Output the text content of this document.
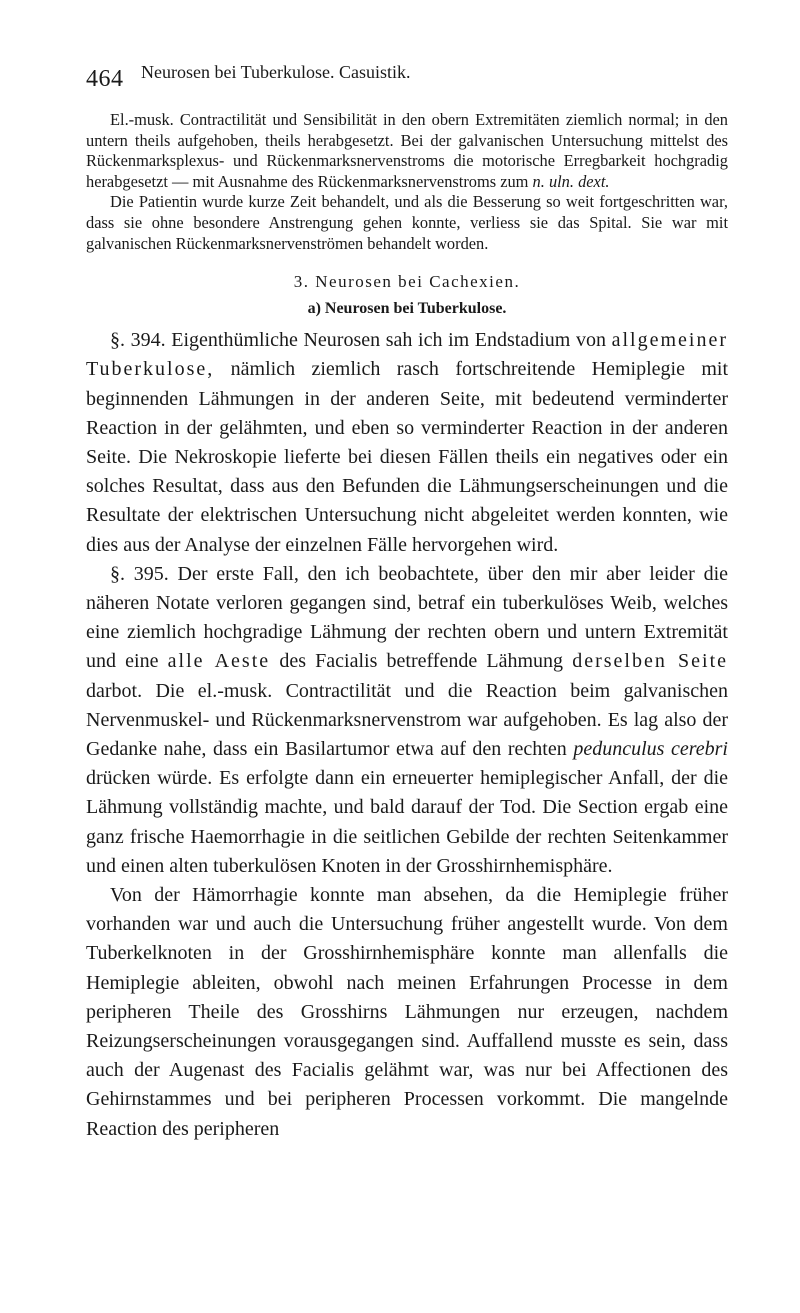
464 Neurosen bei Tuberkulose. Casuistik.

El.-musk. Contractilität und Sensibilität in den obern Extremitäten ziemlich normal; in den untern theils aufgehoben, theils herabgesetzt. Bei der galvanischen Untersuchung mittelst des Rückenmarksplexus- und Rückenmarksnervenstroms die motorische Erregbarkeit hochgradig herabgesetzt — mit Ausnahme des Rückenmarksnervenstroms zum n. uln. dext.

Die Patientin wurde kurze Zeit behandelt, und als die Besserung so weit fortgeschritten war, dass sie ohne besondere Anstrengung gehen konnte, verliess sie das Spital. Sie war mit galvanischen Rückenmarksnervenströmen behandelt worden.

3. Neurosen bei Cachexien.
a) Neurosen bei Tuberkulose.

§. 394. Eigenthümliche Neurosen sah ich im Endstadium von allgemeiner Tuberkulose, nämlich ziemlich rasch fortschreitende Hemiplegie mit beginnenden Lähmungen in der anderen Seite, mit bedeutend verminderter Reaction in der gelähmten, und eben so verminderter Reaction in der anderen Seite. Die Nekroskopie lieferte bei diesen Fällen theils ein negatives oder ein solches Resultat, dass aus den Befunden die Lähmungserscheinungen und die Resultate der elektrischen Untersuchung nicht abgeleitet werden konnten, wie dies aus der Analyse der einzelnen Fälle hervorgehen wird.

§. 395. Der erste Fall, den ich beobachtete, über den mir aber leider die näheren Notate verloren gegangen sind, betraf ein tuberkulöses Weib, welches eine ziemlich hochgradige Lähmung der rechten obern und untern Extremität und eine alle Aeste des Facialis betreffende Lähmung derselben Seite darbot. Die el.-musk. Contractilität und die Reaction beim galvanischen Nervenmuskel- und Rückenmarksnervenstrom war aufgehoben. Es lag also der Gedanke nahe, dass ein Basilartumor etwa auf den rechten pedunculus cerebri drücken würde. Es erfolgte dann ein erneuerter hemiplegischer Anfall, der die Lähmung vollständig machte, und bald darauf der Tod. Die Section ergab eine ganz frische Haemorrhagie in die seitlichen Gebilde der rechten Seitenkammer und einen alten tuberkulösen Knoten in der Grosshirnhemisphäre.

Von der Hämorrhagie konnte man absehen, da die Hemiplegie früher vorhanden war und auch die Untersuchung früher angestellt wurde. Von dem Tuberkelknoten in der Grosshirnhemisphäre konnte man allenfalls die Hemiplegie ableiten, obwohl nach meinen Erfahrungen Processe in dem peripheren Theile des Grosshirns Lähmungen nur erzeugen, nachdem Reizungserscheinungen vorausgegangen sind. Auffallend musste es sein, dass auch der Augenast des Facialis gelähmt war, was nur bei Affectionen des Gehirnstammes und bei peripheren Processen vorkommt. Die mangelnde Reaction des peripheren
